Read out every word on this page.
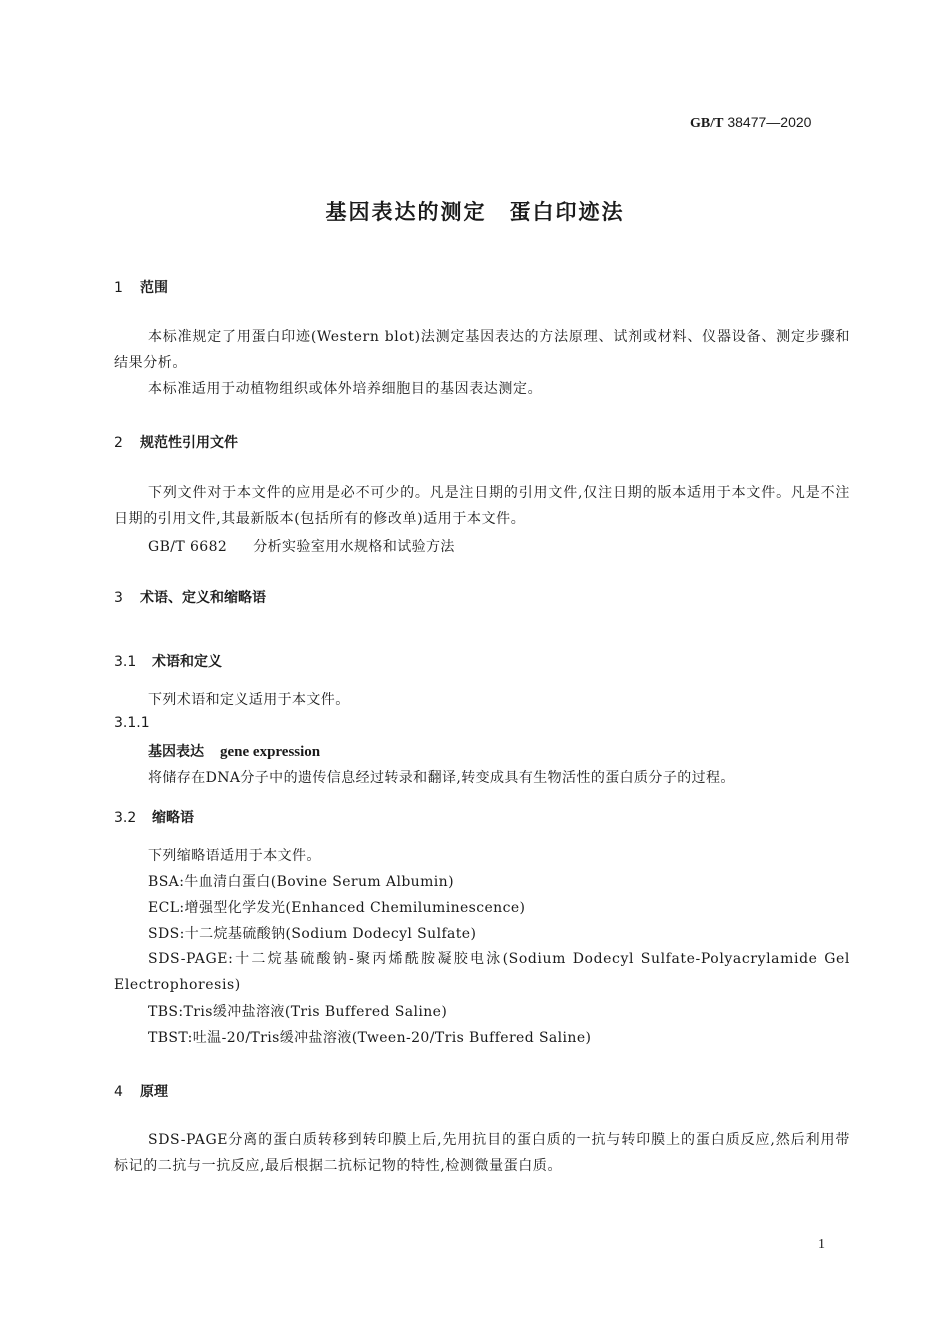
GB/T 38477—2020
基因表达的测定　蛋白印迹法
1 范围
本标准规定了用蛋白印迹(Western blot)法测定基因表达的方法原理、试剂或材料、仪器设备、测定步骤和结果分析。
本标准适用于动植物组织或体外培养细胞目的基因表达测定。
2 规范性引用文件
下列文件对于本文件的应用是必不可少的。凡是注日期的引用文件,仅注日期的版本适用于本文件。凡是不注日期的引用文件,其最新版本(包括所有的修改单)适用于本文件。
GB/T 6682 分析实验室用水规格和试验方法
3 术语、定义和缩略语
3.1 术语和定义
下列术语和定义适用于本文件。
3.1.1
基因表达 gene expression
将储存在DNA分子中的遗传信息经过转录和翻译,转变成具有生物活性的蛋白质分子的过程。
3.2 缩略语
下列缩略语适用于本文件。
BSA:牛血清白蛋白(Bovine Serum Albumin)
ECL:增强型化学发光(Enhanced Chemiluminescence)
SDS:十二烷基硫酸钠(Sodium Dodecyl Sulfate)
SDS-PAGE:十二烷基硫酸钠-聚丙烯酰胺凝胶电泳(Sodium Dodecyl Sulfate-Polyacrylamide Gel Electrophoresis)
TBS:Tris缓冲盐溶液(Tris Buffered Saline)
TBST:吐温-20/Tris缓冲盐溶液(Tween-20/Tris Buffered Saline)
4 原理
SDS-PAGE分离的蛋白质转移到转印膜上后,先用抗目的蛋白质的一抗与转印膜上的蛋白质反应,然后利用带标记的二抗与一抗反应,最后根据二抗标记物的特性,检测微量蛋白质。
1
